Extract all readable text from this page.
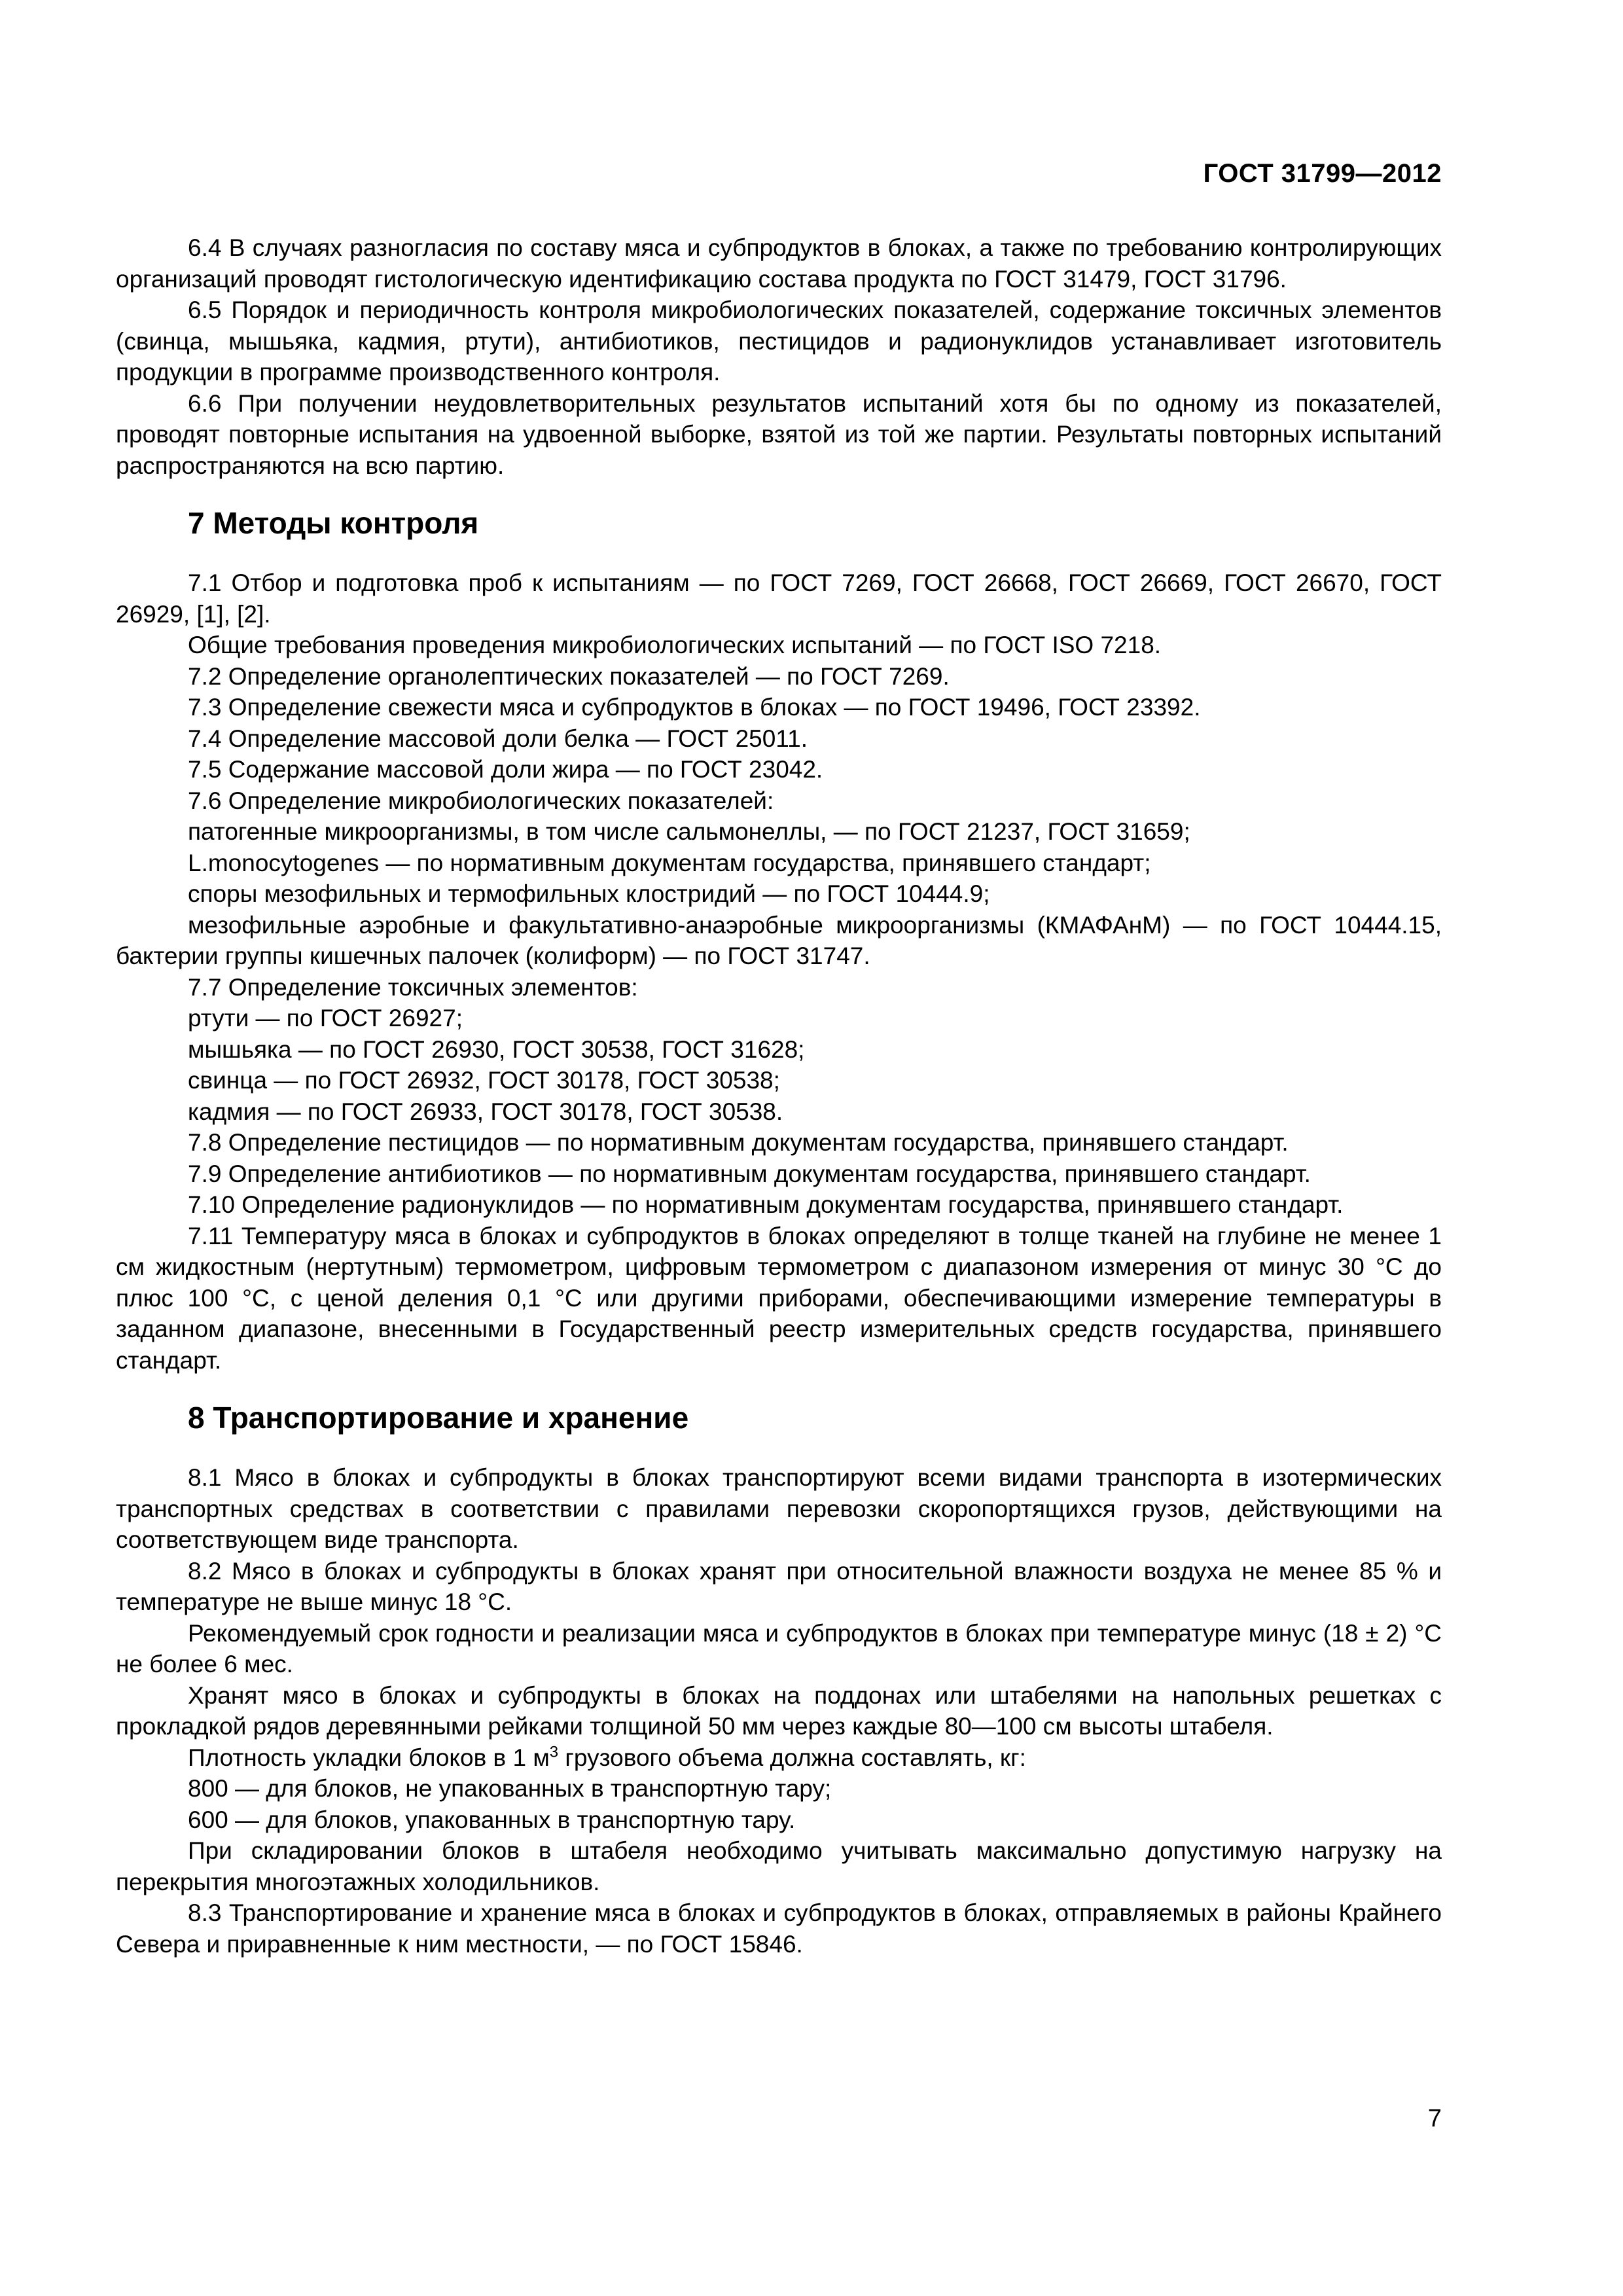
ГОСТ 31799—2012

6.4 В случаях разногласия по составу мяса и субпродуктов в блоках, а также по требованию контролирующих организаций проводят гистологическую идентификацию состава продукта по ГОСТ 31479, ГОСТ 31796.

6.5 Порядок и периодичность контроля микробиологических показателей, содержание токсичных элементов (свинца, мышьяка, кадмия, ртути), антибиотиков, пестицидов и радионуклидов устанавливает изготовитель продукции в программе производственного контроля.

6.6 При получении неудовлетворительных результатов испытаний хотя бы по одному из показателей, проводят повторные испытания на удвоенной выборке, взятой из той же партии. Результаты повторных испытаний распространяются на всю партию.

7 Методы контроля

7.1 Отбор и подготовка проб к испытаниям — по ГОСТ 7269, ГОСТ 26668, ГОСТ 26669, ГОСТ 26670, ГОСТ 26929, [1], [2].

Общие требования проведения микробиологических испытаний — по ГОСТ ISO 7218.

7.2 Определение органолептических показателей — по ГОСТ 7269.

7.3 Определение свежести мяса и субпродуктов в блоках — по ГОСТ 19496, ГОСТ 23392.

7.4 Определение массовой доли белка — ГОСТ 25011.

7.5 Содержание массовой доли жира — по ГОСТ 23042.

7.6 Определение микробиологических показателей:

патогенные микроорганизмы, в том числе сальмонеллы, — по ГОСТ 21237, ГОСТ 31659;

L.monocytogenes — по нормативным документам государства, принявшего стандарт;

споры мезофильных и термофильных клостридий — по ГОСТ 10444.9;

мезофильные аэробные и факультативно-анаэробные микроорганизмы (КМАФАнМ) — по ГОСТ 10444.15, бактерии группы кишечных палочек (колиформ) — по ГОСТ 31747.

7.7 Определение токсичных элементов:

ртути — по ГОСТ 26927;

мышьяка — по ГОСТ 26930, ГОСТ 30538, ГОСТ 31628;

свинца — по ГОСТ 26932, ГОСТ 30178, ГОСТ 30538;

кадмия — по ГОСТ 26933, ГОСТ 30178, ГОСТ 30538.

7.8 Определение пестицидов — по нормативным документам государства, принявшего стандарт.

7.9 Определение антибиотиков — по нормативным документам государства, принявшего стандарт.

7.10 Определение радионуклидов — по нормативным документам государства, принявшего стандарт.

7.11 Температуру мяса в блоках и субпродуктов в блоках определяют в толще тканей на глубине не менее 1 см жидкостным (нертутным) термометром, цифровым термометром с диапазоном измерения от минус 30 °С до плюс 100 °С, с ценой деления 0,1 °С или другими приборами, обеспечивающими измерение температуры в заданном диапазоне, внесенными в Государственный реестр измерительных средств государства, принявшего стандарт.

8 Транспортирование и хранение

8.1 Мясо в блоках и субпродукты в блоках транспортируют всеми видами транспорта в изотермических транспортных средствах в соответствии с правилами перевозки скоропортящихся грузов, действующими на соответствующем виде транспорта.

8.2 Мясо в блоках и субпродукты в блоках хранят при относительной влажности воздуха не менее 85 % и температуре не выше минус 18 °С.

Рекомендуемый срок годности и реализации мяса и субпродуктов в блоках при температуре минус (18 ± 2) °С не более 6 мес.

Хранят мясо в блоках и субпродукты в блоках на поддонах или штабелями на напольных решетках с прокладкой рядов деревянными рейками толщиной 50 мм через каждые 80—100 см высоты штабеля.

Плотность укладки блоков в 1 $м^3$ грузового объема должна составлять, кг:

800 — для блоков, не упакованных в транспортную тару;

600 — для блоков, упакованных в транспортную тару.

При складировании блоков в штабеля необходимо учитывать максимально допустимую нагрузку на перекрытия многоэтажных холодильников.

8.3 Транспортирование и хранение мяса в блоках и субпродуктов в блоках, отправляемых в районы Крайнего Севера и приравненные к ним местности, — по ГОСТ 15846.

7
